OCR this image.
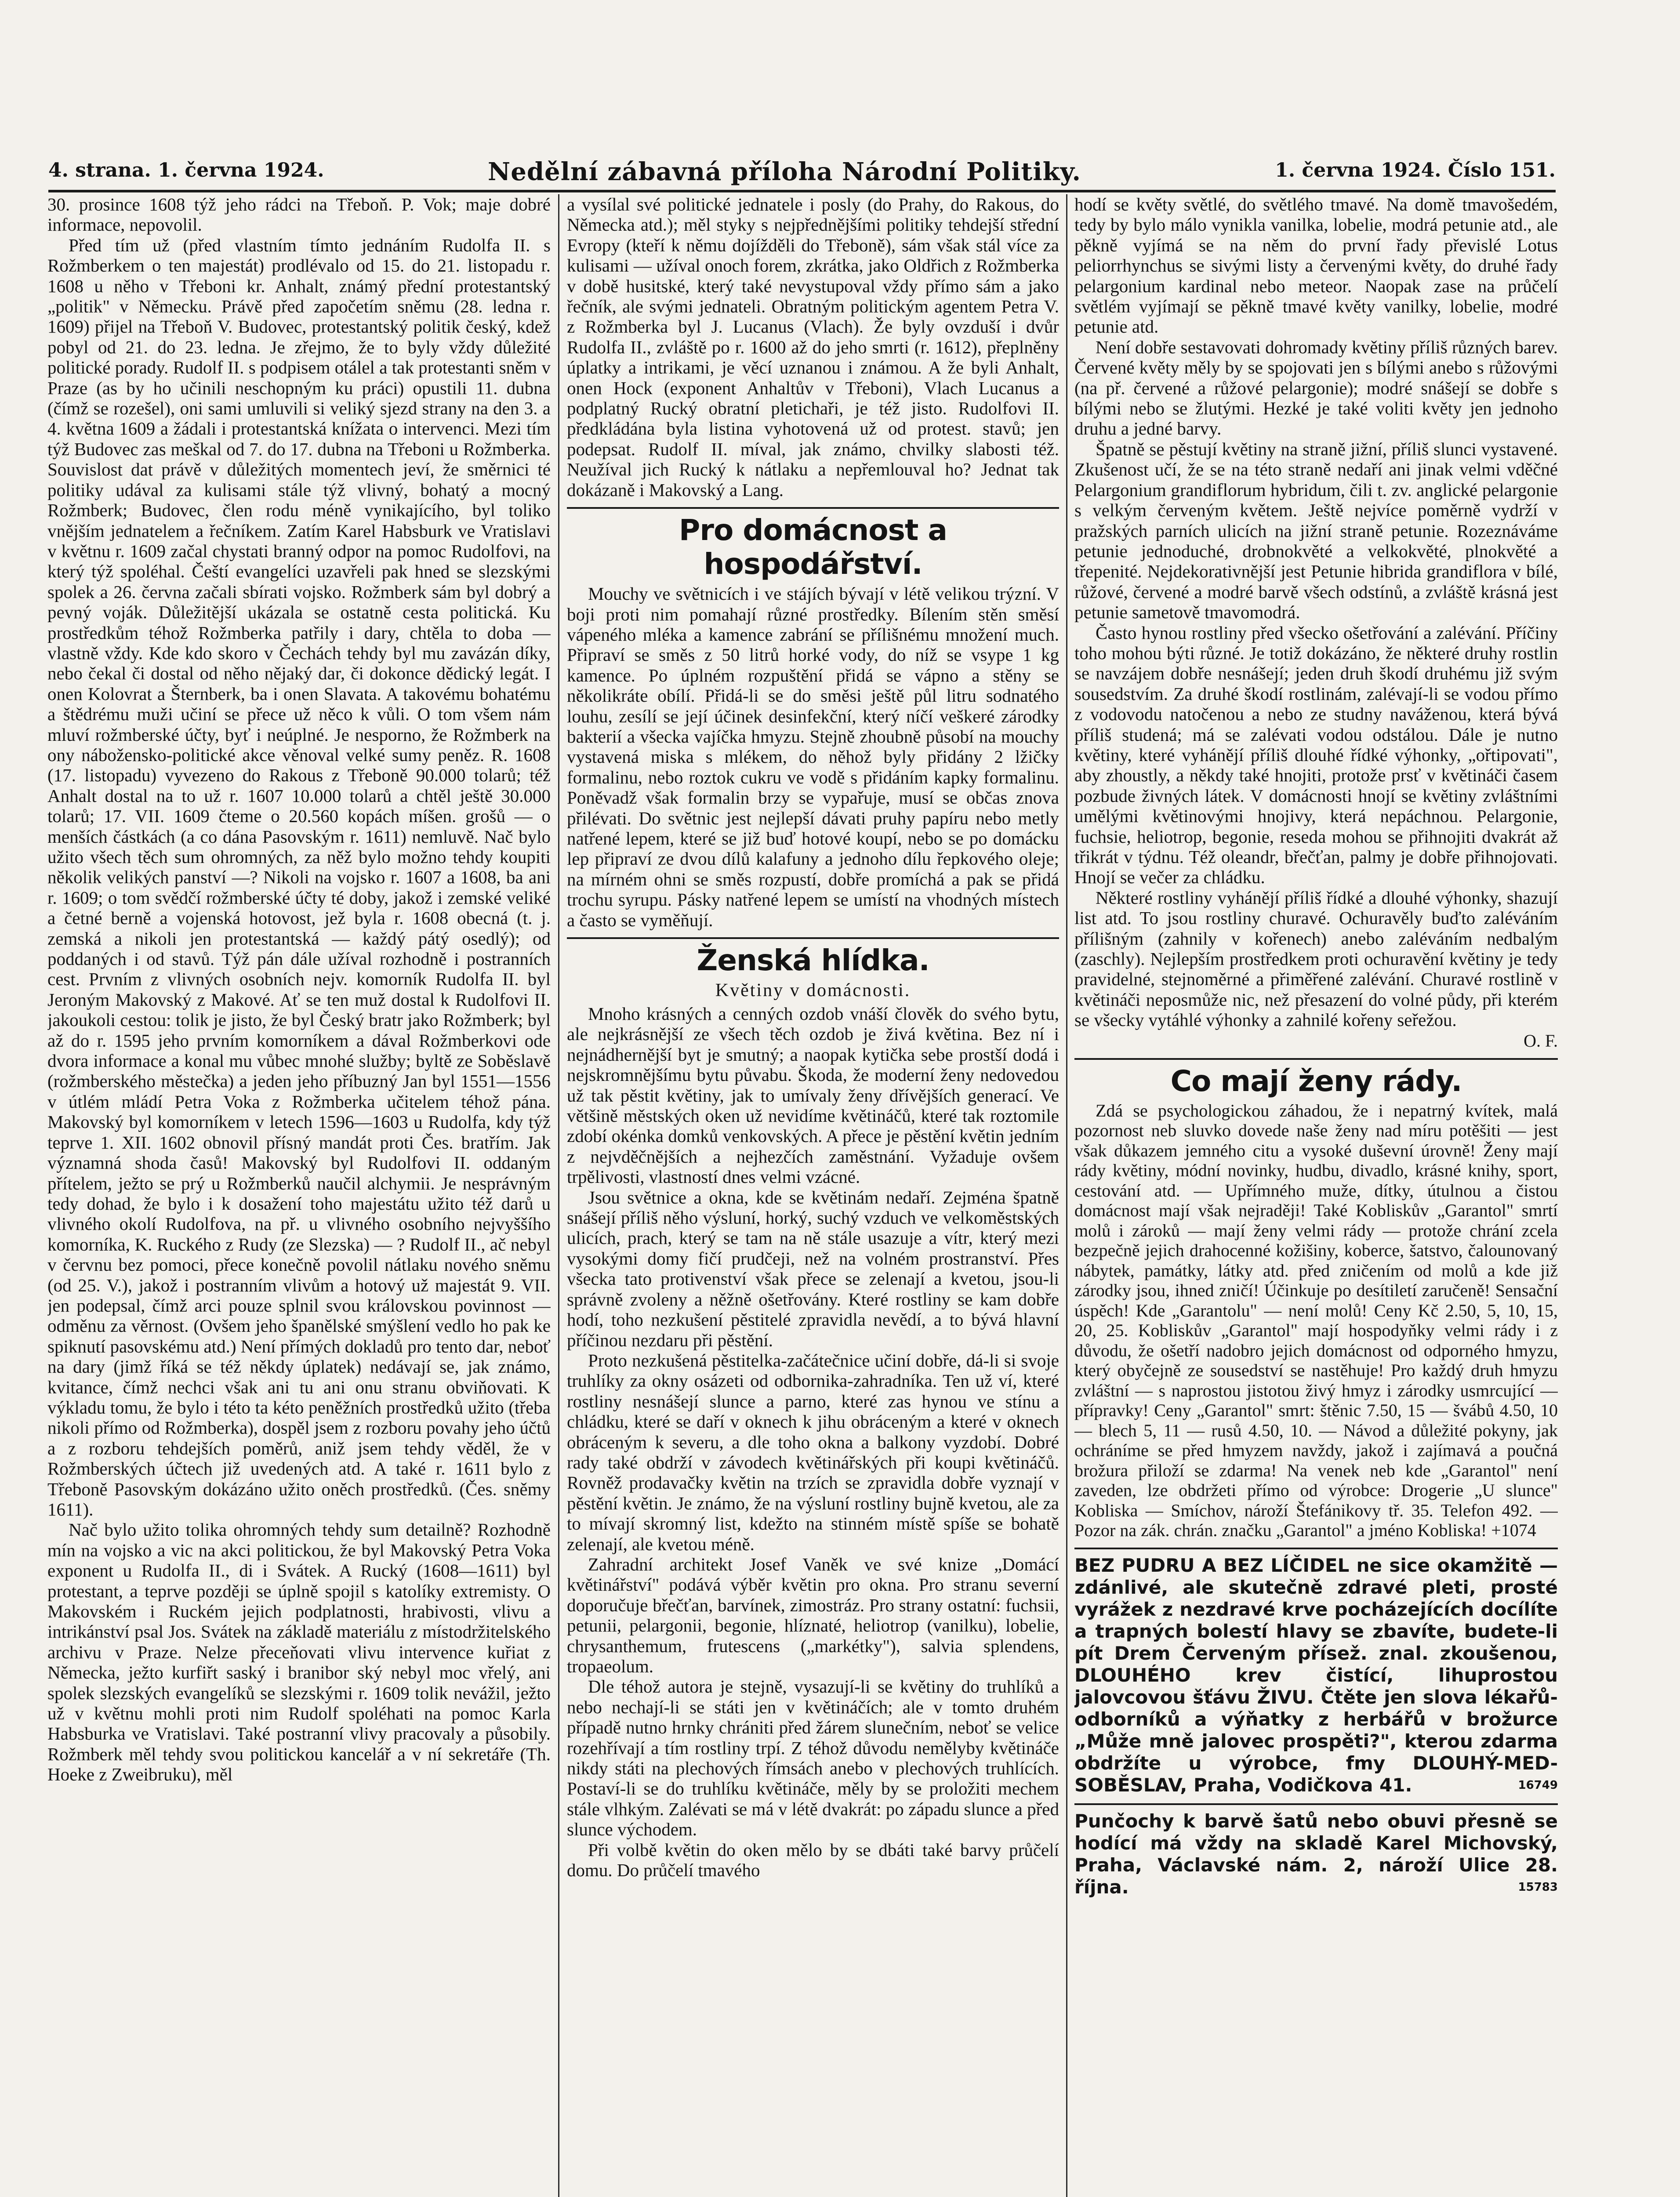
4. strana. 1. června 1924.	Nedělní zábavná příloha Národní Politiky.	1. června 1924. Číslo 151.

30. prosince 1608 týž jeho rádci na Třeboň. P. Vok; maje dobré informace, nepovolil.

Před tím už (před vlastním tímto jednáním Rudolfa II. s Rožmberkem o ten majestát) prodlévalo od 15. do 21. listopadu r. 1608 u něho v Třeboni kr. Anhalt, známý přední protestantský „politik" v Německu. Právě před započetím sněmu (28. ledna r. 1609) přijel na Třeboň V. Budovec, protestantský politik český, kdež pobyl od 21. do 23. ledna. Je zřejmo, že to byly vždy důležité politické porady. Rudolf II. s podpisem otálel a tak protestanti sněm v Praze (as by ho učinili neschopným ku práci) opustili 11. dubna (čímž se rozešel), oni sami umluvili si veliký sjezd strany na den 3. a 4. května 1609 a žádali i protestantská knížata o intervenci. Mezi tím týž Budovec zas meškal od 7. do 17. dubna na Třeboni u Rožmberka. Souvislost dat právě v důležitých momentech jeví, že směrnici té politiky udával za kulisami stále týž vlivný, bohatý a mocný Rožmberk; Budovec, člen rodu méně vynikajícího, byl toliko vnějším jednatelem a řečníkem. Zatím Karel Habsburk ve Vratislavi v květnu r. 1609 začal chystati branný odpor na pomoc Rudolfovi, na který týž spoléhal. Čeští evangelíci uzavřeli pak hned se slezskými spolek a 26. června začali sbírati vojsko. Rožmberk sám byl dobrý a pevný voják. Důležitější ukázala se ostatně cesta politická. Ku prostředkům téhož Rožmberka patřily i dary, chtěla to doba — vlastně vždy. Kde kdo skoro v Čechách tehdy byl mu zavázán díky, nebo čekal či dostal od něho nějaký dar, či dokonce dědický legát. I onen Kolovrat a Šternberk, ba i onen Slavata. A takovému bohatému a štědrému muži učiní se přece už něco k vůli. O tom všem nám mluví rožmberské účty, byť i neúplné. Je nesporno, že Rožmberk na ony nábožensko-politické akce věnoval velké sumy peněz. R. 1608 (17. listopadu) vyvezeno do Rakous z Třeboně 90.000 tolarů; též Anhalt dostal na to už r. 1607 10.000 tolarů a chtěl ještě 30.000 tolarů; 17. VII. 1609 čteme o 20.560 kopách míšen. grošů — o menších částkách (a co dána Pasovským r. 1611) nemluvě. Nač bylo užito všech těch sum ohromných, za něž bylo možno tehdy koupiti několik velikých panství —? Nikoli na vojsko r. 1607 a 1608, ba ani r. 1609; o tom svědčí rožmberské účty té doby, jakož i zemské veliké a četné berně a vojenská hotovost, jež byla r. 1608 obecná (t. j. zemská a nikoli jen protestantská — každý pátý osedlý); od poddaných i od stavů. Týž pán dále užíval rozhodně i postranních cest. Prvním z vlivných osobních nejv. komorník Rudolfa II. byl Jeroným Makovský z Makové. Ať se ten muž dostal k Rudolfovi II. jakoukoli cestou: tolik je jisto, že byl Český bratr jako Rožmberk; byl až do r. 1595 jeho prvním komorníkem a dával Rožmberkovi ode dvora informace a konal mu vůbec mnohé služby; byltě ze Soběslavě (rožmberského městečka) a jeden jeho příbuzný Jan byl 1551—1556 v útlém mládí Petra Voka z Rožmberka učitelem téhož pána. Makovský byl komorníkem v letech 1596—1603 u Rudolfa, kdy týž teprve 1. XII. 1602 obnovil přísný mandát proti Čes. bratřím. Jak významná shoda časů! Makovský byl Rudolfovi II. oddaným přítelem, ježto se prý u Rožmberků naučil alchymii. Je nesprávným tedy dohad, že bylo i k dosažení toho majestátu užito též darů u vlivného okolí Rudolfova, na př. u vlivného osobního nejvyššího komorníka, K. Ruckého z Rudy (ze Slezska) — ? Rudolf II., ač nebyl v červnu bez pomoci, přece konečně povolil nátlaku nového sněmu (od 25. V.), jakož i postranním vlivům a hotový už majestát 9. VII. jen podepsal, čímž arci pouze splnil svou královskou povinnost — odměnu za věrnost. (Ovšem jeho španělské smýšlení vedlo ho pak ke spiknutí pasovskému atd.) Není přímých dokladů pro tento dar, neboť na dary (jimž říká se též někdy úplatek) nedávají se, jak známo, kvitance, čímž nechci však ani tu ani onu stranu obviňovati. K výkladu tomu, že bylo i této ta kéto peněžních prostředků užito (třeba nikoli přímo od Rožmberka), dospěl jsem z rozboru povahy jeho účtů a z rozboru tehdejších poměrů, aniž jsem tehdy věděl, že v Rožmberských účtech již uvedených atd. A také r. 1611 bylo z Třeboně Pasovským dokázáno užito oněch prostředků. (Čes. sněmy 1611).

Nač bylo užito tolika ohromných tehdy sum detailně? Rozhodně mín na vojsko a vic na akci politickou, že byl Makovský Petra Voka exponent u Rudolfa II., di i Svátek. A Rucký (1608—1611) byl protestant, a teprve později se úplně spojil s katolíky extremisty. O Makovském i Ruckém jejich podplatnosti, hrabivosti, vlivu a intrikánství psal Jos. Svátek na základě materiálu z místodržitelského archivu v Praze. Nelze přeceňovati vlivu intervence kuřiat z Německa, ježto kurfiřt saský i branibor ský nebyl moc vřelý, ani spolek slezských evangelíků se slezskými r. 1609 tolik nevážil, ježto už v květnu mohli proti nim Rudolf spoléhati na pomoc Karla Habsburka ve Vratislavi. Také postranní vlivy pracovaly a působily. Rožmberk měl tehdy svou politickou kancelář a v ní sekretáře (Th. Hoeke z Zweibruku), měl

a vysílal své politické jednatele i posly (do Prahy, do Rakous, do Německa atd.); měl styky s nejpřednějšími politiky tehdejší střední Evropy (kteří k němu dojížděli do Třeboně), sám však stál více za kulisami — užíval onoch forem, zkrátka, jako Oldřich z Rožmberka v době husitské, který také nevystupoval vždy přímo sám a jako řečník, ale svými jednateli. Obratným politickým agentem Petra V. z Rožmberka byl J. Lucanus (Vlach). Že byly ovzduší i dvůr Rudolfa II., zvláště po r. 1600 až do jeho smrti (r. 1612), přeplněny úplatky a intrikami, je věcí uznanou i známou. A že byli Anhalt, onen Hock (exponent Anhaltův v Třeboni), Vlach Lucanus a podplatný Rucký obratní pletichaři, je též jisto. Rudolfovi II. předkládána byla listina vyhotovená už od protest. stavů; jen podepsat. Rudolf II. míval, jak známo, chvilky slabosti též. Neužíval jich Rucký k nátlaku a nepřemlouval ho? Jednat tak dokázaně i Makovský a Lang.

Pro domácnost a hospodářství.

Mouchy ve světnicích i ve stájích bývají v létě velikou trýzní. V boji proti nim pomahají různé prostředky. Bílením stěn směsí vápeného mléka a kamence zabrání se přílišnému množení much. Připraví se směs z 50 litrů horké vody, do níž se vsype 1 kg kamence. Po úplném rozpuštění přidá se vápno a stěny se několikráte obílí. Přidá-li se do směsi ještě půl litru sodnatého louhu, zesílí se její účinek desinfekční, který níčí veškeré zárodky bakterií a všecka vajíčka hmyzu. Stejně zhoubně působí na mouchy vystavená miska s mlékem, do něhož byly přidány 2 lžičky formalinu, nebo roztok cukru ve vodě s přidáním kapky formalinu. Poněvadž však formalin brzy se vypařuje, musí se občas znova přilévati. Do světnic jest nejlepší dávati pruhy papíru nebo metly natřené lepem, které se již buď hotové koupí, nebo se po domácku lep připraví ze dvou dílů kalafuny a jednoho dílu řepkového oleje; na mírném ohni se směs rozpustí, dobře promíchá a pak se přidá trochu syrupu. Pásky natřené lepem se umístí na vhodných místech a často se vyměňují.

Ženská hlídka.
Květiny v domácnosti.

Mnoho krásných a cenných ozdob vnáší člověk do svého bytu, ale nejkrásnější ze všech těch ozdob je živá květina. Bez ní i nejnádhernější byt je smutný; a naopak kytička sebe prostší dodá i nejskromnějšímu bytu půvabu. Škoda, že moderní ženy nedovedou už tak pěstit květiny, jak to umívaly ženy dřívějších generací. Ve většině městských oken už nevidíme květináčů, které tak roztomile zdobí okénka domků venkovských. A přece je pěstění květin jedním z nejvděčnějších a nejhezčích zaměstnání. Vyžaduje ovšem trpělivosti, vlastností dnes velmi vzácné.

Jsou světnice a okna, kde se květinám nedaří. Zejména špatně snášejí příliš něho výsluní, horký, suchý vzduch ve velkoměstských ulicích, prach, který se tam na ně stále usazuje a vítr, který mezi vysokými domy fičí prudčeji, než na volném prostranství. Přes všecka tato protivenství však přece se zelenají a kvetou, jsou-li správně zvoleny a něžně ošetřovány. Které rostliny se kam dobře hodí, toho nezkušení pěstitelé zpravidla nevědí, a to bývá hlavní příčinou nezdaru při pěstění.

Proto nezkušená pěstitelka-začátečnice učiní dobře, dá-li si svoje truhlíky za okny osázeti od odbornika-zahradníka. Ten už ví, které rostliny nesnášejí slunce a parno, které zas hynou ve stínu a chládku, které se daří v oknech k jihu obráceným a které v oknech obráceným k severu, a dle toho okna a balkony vyzdobí. Dobré rady také obdrží v závodech květinářských při koupi květináčů. Rovněž prodavačky květin na trzích se zpravidla dobře vyznají v pěstění květin. Je známo, že na výsluní rostliny bujně kvetou, ale za to mívají skromný list, kdežto na stinném místě spíše se bohatě zelenají, ale kvetou méně.

Zahradní architekt Josef Vaněk ve své knize „Domácí květinářství" podává výběr květin pro okna. Pro stranu severní doporučuje břečťan, barvínek, zimostráz. Pro strany ostatní: fuchsii, petunii, pelargonii, begonie, hlíznaté, heliotrop (vanilku), lobelie, chrysanthemum, frutescens („markétky"), salvia splendens, tropaeolum.

Dle téhož autora je stejně, vysazují-li se květiny do truhlíků a nebo nechají-li se státi jen v květináčích; ale v tomto druhém případě nutno hrnky chrániti před žárem slunečním, neboť se velice rozehřívají a tím rostliny trpí. Z téhož důvodu nemělyby květináče nikdy státi na plechových římsách anebo v plechových truhlících. Postaví-li se do truhlíku květináče, měly by se proložiti mechem stále vlhkým. Zalévati se má v létě dvakrát: po západu slunce a před slunce východem.

Při volbě květin do oken mělo by se dbáti také barvy průčelí domu. Do průčelí tmavého

hodí se květy světlé, do světlého tmavé. Na domě tmavošedém, tedy by bylo málo vynikla vanilka, lobelie, modrá petunie atd., ale pěkně vyjímá se na něm do první řady převislé Lotus peliorrhynchus se sivými listy a červenými květy, do druhé řady pelargonium kardinal nebo meteor. Naopak zase na průčelí světlém vyjímají se pěkně tmavé květy vanilky, lobelie, modré petunie atd.

Není dobře sestavovati dohromady květiny příliš různých barev. Červené květy měly by se spojovati jen s bílými anebo s růžovými (na př. červené a růžové pelargonie); modré snášejí se dobře s bílými nebo se žlutými. Hezké je také voliti květy jen jednoho druhu a jedné barvy.

Špatně se pěstují květiny na straně jižní, příliš slunci vystavené. Zkušenost učí, že se na této straně nedaří ani jinak velmi vděčné Pelargonium grandiflorum hybridum, čili t. zv. anglické pelargonie s velkým červeným květem. Ještě nejvíce poměrně vydrží v pražských parních ulicích na jižní straně petunie. Rozeznáváme petunie jednoduché, drobnokvěté a velkokvěté, plnokvěté a třepenité. Nejdekorativnější jest Petunie hibrida grandiflora v bílé, růžové, červené a modré barvě všech odstínů, a zvláště krásná jest petunie sametově tmavomodrá.

Často hynou rostliny před všecko ošetřování a zalévání. Příčiny toho mohou býti různé. Je totiž dokázáno, že některé druhy rostlin se navzájem dobře nesnášejí; jeden druh škodí druhému již svým sousedstvím. Za druhé škodí rostlinám, zalévají-li se vodou přímo z vodovodu natočenou a nebo ze studny naváženou, která bývá příliš studená; má se zalévati vodou odstálou. Dále je nutno květiny, které vyhánějí příliš dlouhé řídké výhonky, „ořtipovati", aby zhoustly, a někdy také hnojiti, protože prsť v květináči časem pozbude živných látek. V domácnosti hnojí se květiny zvláštními umělými květinovými hnojivy, která nepáchnou. Pelargonie, fuchsie, heliotrop, begonie, reseda mohou se přihnojiti dvakrát až třikrát v týdnu. Též oleandr, břečťan, palmy je dobře přihnojovati. Hnojí se večer za chládku.

Některé rostliny vyhánějí příliš řídké a dlouhé výhonky, shazují list atd. To jsou rostliny churavé. Ochuravěly buďto zaléváním přílišným (zahnily v kořenech) anebo zaléváním nedbalým (zaschly). Nejlepším prostředkem proti ochuravění květiny je tedy pravidelné, stejnoměrné a přiměřené zalévání. Churavé rostlině v květináči neposmůže nic, než přesazení do volné půdy, při kterém se všecky vytáhlé výhonky a zahnilé kořeny seřežou.

O. F.

Co mají ženy rády.

Zdá se psychologickou záhadou, že i nepatrný kvítek, malá pozornost neb sluvko dovede naše ženy nad míru potěšiti — jest však důkazem jemného citu a vysoké duševní úrovně! Ženy mají rády květiny, módní novinky, hudbu, divadlo, krásné knihy, sport, cestování atd. — Upřímného muže, dítky, útulnou a čistou domácnost mají však nejraději! Také Kobliskův „Garantol" smrtí molů i zároků — mají ženy velmi rády — protože chrání zcela bezpečně jejich drahocenné kožišiny, koberce, šatstvo, čalounovaný nábytek, památky, látky atd. před zničením od molů a kde již zárodky jsou, ihned zničí! Účinkuje po desítiletí zaručeně! Sensační úspěch! Kde „Garantolu" — není molů! Ceny Kč 2.50, 5, 10, 15, 20, 25. Kobliskův „Garantol" mají hospodyňky velmi rády i z důvodu, že ošetří nadobro jejich domácnost od odporného hmyzu, který obyčejně ze sousedství se nastěhuje! Pro každý druh hmyzu zvláštní — s naprostou jistotou živý hmyz i zárodky usmrcující — přípravky! Ceny „Garantol" smrt: štěnic 7.50, 15 — švábů 4.50, 10 — blech 5, 11 — rusů 4.50, 10. — Návod a důležité pokyny, jak ochráníme se před hmyzem navždy, jakož i zajímavá a poučná brožura přiloží se zdarma! Na venek neb kde „Garantol" není zaveden, lze obdržeti přímo od výrobce: Drogerie „U slunce" Kobliska — Smíchov, nároží Štefánikovy tř. 35. Telefon 492. — Pozor na zák. chrán. značku „Garantol" a jméno Kobliska! +1074

BEZ PUDRU A BEZ LÍČIDEL ne sice okamžitě — zdánlivé, ale skutečně zdravé pleti, prosté vyrážek z nezdravé krve pocházejících docílíte a trapných bolestí hlavy se zbavíte, budete-li pít Drem Červeným přísež. znal. zkoušenou, DLOUHÉHO krev čistící, lihuprostou jalovcovou šťávu ŽIVU. Čtěte jen slova lékařů-odborníků a výňatky z herbářů v brožurce „Může mně jalovec prospěti?", kterou zdarma obdržíte u výrobce, fmy DLOUHÝ-MED-SOBĚSLAV, Praha, Vodičkova 41.	16749
Punčochy k barvě šatů nebo obuvi přesně se hodící má vždy na skladě Karel Michovský, Praha, Václavské nám. 2, nároží Ulice 28. října.	15783
